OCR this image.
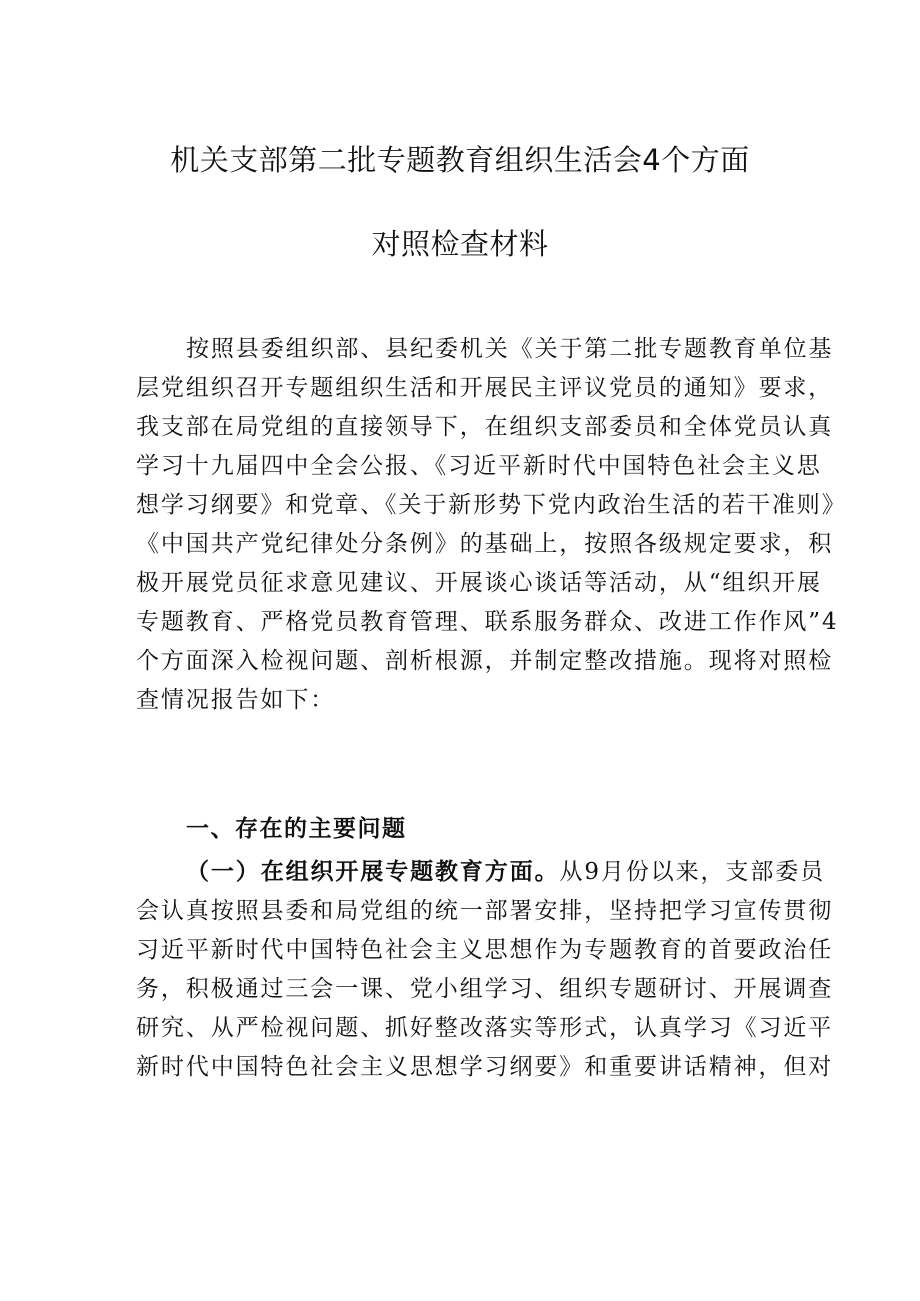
机关支部第二批专题教育组织生活会4个方面
对照检查材料
按照县委组织部、县纪委机关《关于第二批专题教育单位基
层党组织召开专题组织生活和开展民主评议党员的通知》要求，
我支部在局党组的直接领导下，在组织支部委员和全体党员认真
学习十九届四中全会公报、《习近平新时代中国特色社会主义思
想学习纲要》和党章、《关于新形势下党内政治生活的若干准则》
《中国共产党纪律处分条例》的基础上，按照各级规定要求，积
极开展党员征求意见建议、开展谈心谈话等活动，从“组织开展
专题教育、严格党员教育管理、联系服务群众、改进工作作风”4
个方面深入检视问题、剖析根源，并制定整改措施。现将对照检
查情况报告如下：
一、存在的主要问题
（一）在组织开展专题教育方面。从9月份以来，支部委员
会认真按照县委和局党组的统一部署安排，坚持把学习宣传贯彻
习近平新时代中国特色社会主义思想作为专题教育的首要政治任
务，积极通过三会一课、党小组学习、组织专题研讨、开展调查
研究、从严检视问题、抓好整改落实等形式，认真学习《习近平
新时代中国特色社会主义思想学习纲要》和重要讲话精神，但对
